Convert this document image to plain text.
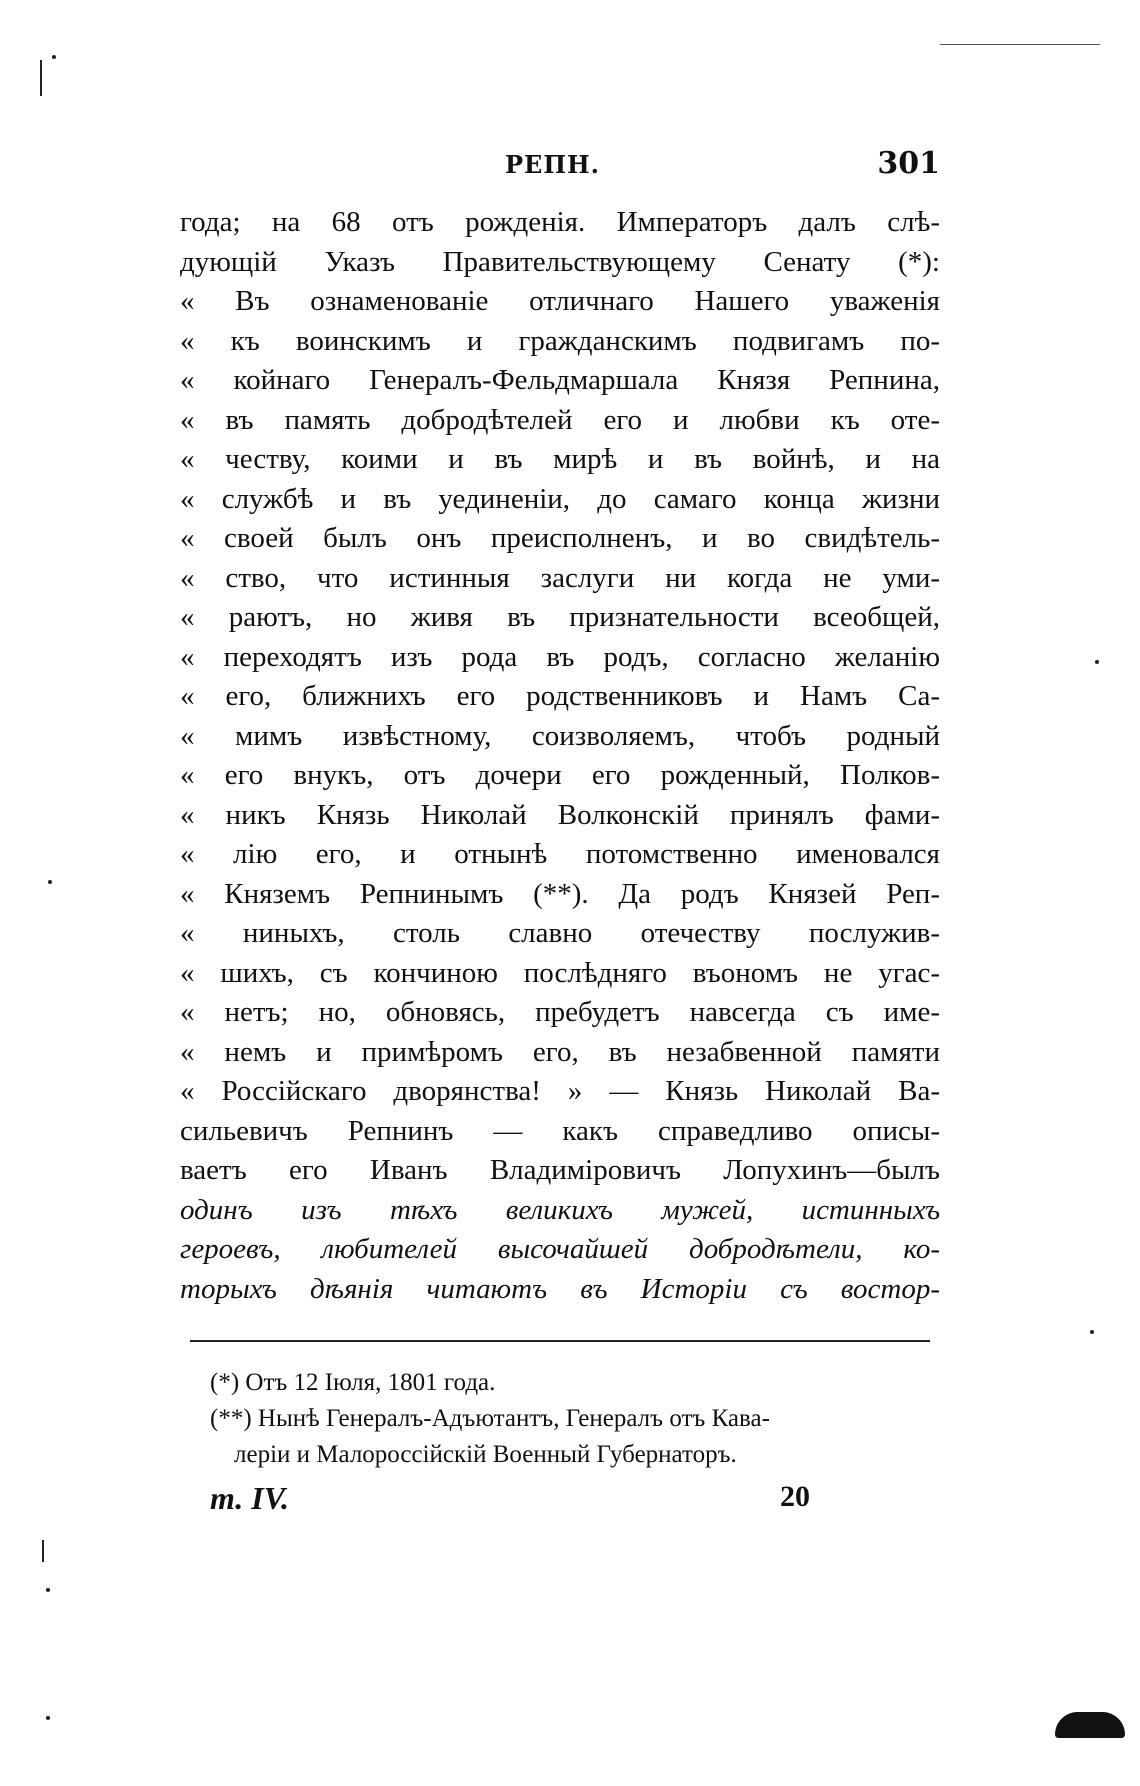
РЕПН.	301
года; на 68 отъ рожденія. Императоръ далъ слѣ-
дующій Указъ Правительствующему Сенату (*):
« Въ ознаменованіе отличнаго Нашего уваженія
« къ воинскимъ и гражданскимъ подвигамъ по-
« койнаго Генералъ-Фельдмаршала Князя Репнина,
« въ память добродѣтелей его и любви къ оте-
« честву, коими и въ мирѣ и въ войнѣ, и на
« службѣ и въ уединеніи, до самаго конца жизни
« своей былъ онъ преисполненъ, и во свидѣтель-
« ство, что истинныя заслуги ни когда не уми-
« раютъ, но живя въ признательности всеобщей,
« переходятъ изъ рода въ родъ, согласно желанію
« его, ближнихъ его родственниковъ и Намъ Са-
« мимъ извѣстному, соизволяемъ, чтобъ родный
« его внукъ, отъ дочери его рожденный, Полков-
« никъ Князь Николай Волконскій принялъ фами-
« лію его, и отнынѣ потомственно именовался
« Княземъ Репнинымъ (**). Да родъ Князей Реп-
« ниныхъ, столь славно отечеству послужив-
« шихъ, съ кончиною послѣдняго въономъ не угас-
« нетъ; но, обновясь, пребудетъ навсегда съ име-
« немъ и примѣромъ его, въ незабвенной памяти
« Россійскаго дворянства! » — Князь Николай Ва-
сильевичъ Репнинъ — какъ справедливо описы-
ваетъ его Иванъ Владиміровичъ Лопухинъ—былъ
одинъ изъ тѣхъ великихъ мужей, истинныхъ
героевъ, любителей высочайшей добродѣтели, ко-
торыхъ дѣянія читаютъ въ Исторіи съ востор-
(*) Отъ 12 Іюля, 1801 года.
(**) Нынѣ Генералъ-Адъютантъ, Генералъ отъ Кава-
леріи и Малороссійскій Военный Губернаторъ.
т. IV.	20
